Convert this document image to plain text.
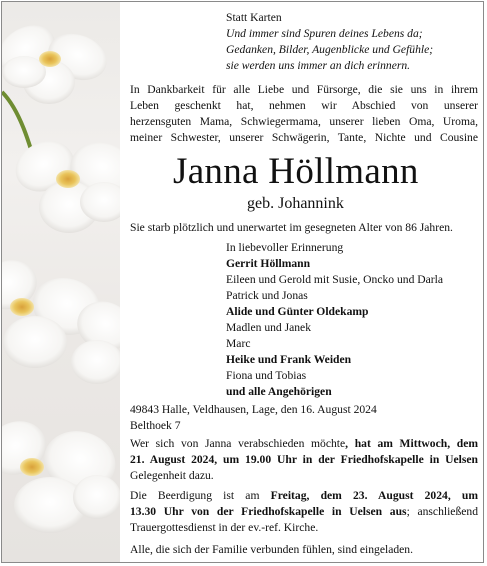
Statt Karten
Und immer sind Spuren deines Lebens da;
Gedanken, Bilder, Augenblicke und Gefühle;
sie werden uns immer an dich erinnern.
In Dankbarkeit für alle Liebe und Fürsorge, die sie uns in ihrem
Leben geschenkt hat, nehmen wir Abschied von unserer
herzensguten Mama, Schwiegermama, unserer lieben Oma, Uroma,
meiner Schwester, unserer Schwägerin, Tante, Nichte und Cousine
Janna Höllmann
geb. Johannink
Sie starb plötzlich und unerwartet im gesegneten Alter von 86 Jahren.
In liebevoller Erinnerung
Gerrit Höllmann
Eileen und Gerold mit Susie, Oncko und Darla
Patrick und Jonas
Alide und Günter Oldekamp
Madlen und Janek
Marc
Heike und Frank Weiden
Fiona und Tobias
und alle Angehörigen
49843 Halle, Veldhausen, Lage, den 16. August 2024
Belthoek 7
Wer sich von Janna verabschieden möchte, hat am Mittwoch, dem
21. August 2024, um 19.00 Uhr in der Friedhofskapelle in Uelsen
Gelegenheit dazu.
Die Beerdigung ist am Freitag, dem 23. August 2024, um
13.30 Uhr von der Friedhofskapelle in Uelsen aus; anschließend
Trauergottesdienst in der ev.-ref. Kirche.
Alle, die sich der Familie verbunden fühlen, sind eingeladen.
